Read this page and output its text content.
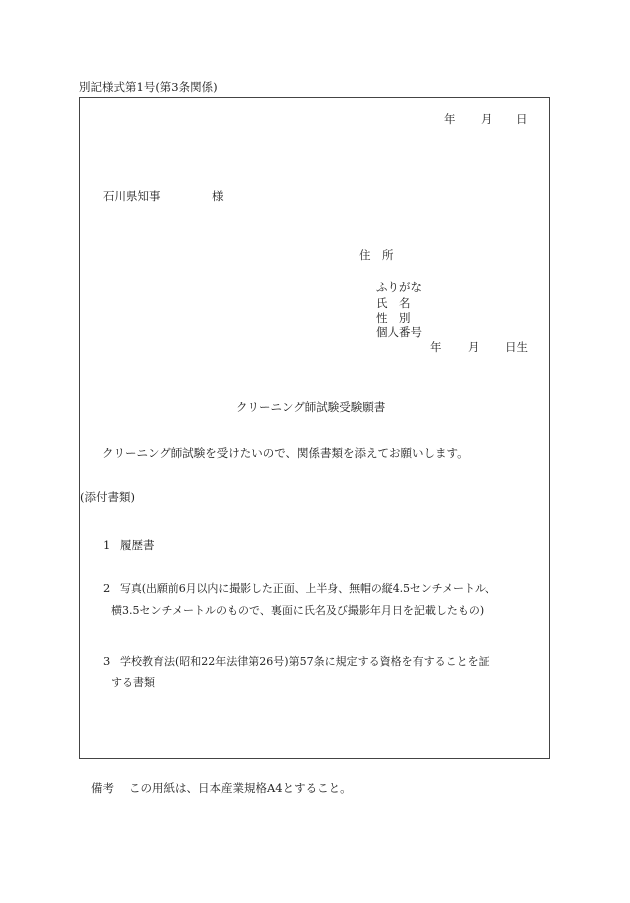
別記様式第1号(第3条関係)
年 月 日
石川県知事	様
住　所
ふりがな
氏　名
性　別
個人番号
年 月 日生
クリーニング師試験受験願書
クリーニング師試験を受けたいので、関係書類を添えてお願いします。
(添付書類)
1 履歴書
2 写真(出願前6月以内に撮影した正面、上半身、無帽の縦4.5センチメートル、
横3.5センチメートルのもので、裏面に氏名及び撮影年月日を記載したもの)
3 学校教育法(昭和22年法律第26号)第57条に規定する資格を有することを証
する書類
備考 この用紙は、日本産業規格A4とすること。
